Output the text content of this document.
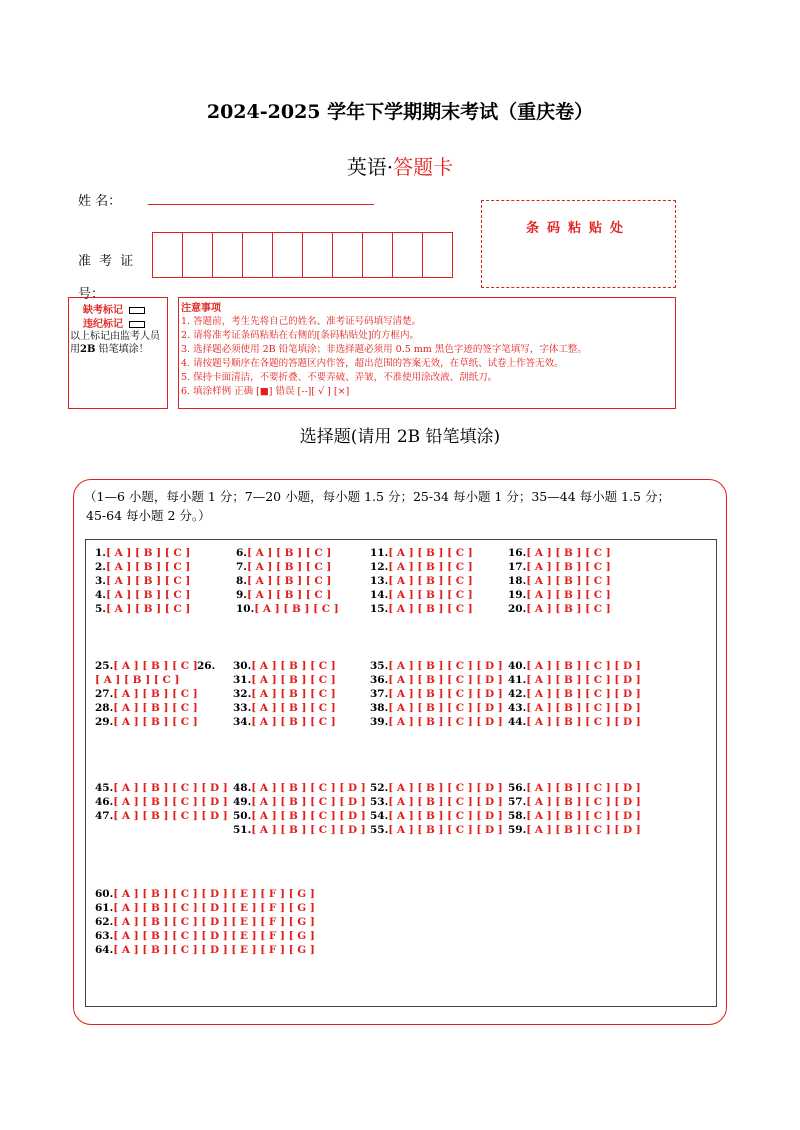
2024-2025 学年下学期期末考试（重庆卷）
英语·答题卡
姓 名：
准 考 证
号：
条码粘贴处
缺考标记
违纪标记
以上标记由监考人员
用2B 铅笔填涂！
注意事项
1. 答题前，考生先将自己的姓名、准考证号码填写清楚。
2. 请将准考证条码粘贴在右侧的[条码粘贴处]的方框内。
3. 选择题必须使用 2B 铅笔填涂；非选择题必须用 0.5 mm 黑色字迹的签字笔填写，字体工整。
4. 请按题号顺序在各题的答题区内作答，超出范围的答案无效，在草纸、试卷上作答无效。
5. 保持卡面清洁，不要折叠、不要弄破、弄皱，不准使用涂改液、刮纸刀。
6. 填涂样例 正确 [■] 错误 [--][ √ ] [×]
选择题(请用 2B 铅笔填涂)
（1—6 小题，每小题 1 分；7—20 小题，每小题 1.5 分；25-34 每小题 1 分；35—44 每小题 1.5 分；
45-64 每小题 2 分。）
1.[ A ] [ B ] [ C ]
2.[ A ] [ B ] [ C ]
3.[ A ] [ B ] [ C ]
4.[ A ] [ B ] [ C ]
5.[ A ] [ B ] [ C ]
6.[ A ] [ B ] [ C ]
7.[ A ] [ B ] [ C ]
8.[ A ] [ B ] [ C ]
9.[ A ] [ B ] [ C ]
10.[ A ] [ B ] [ C ]
11.[ A ] [ B ] [ C ]
12.[ A ] [ B ] [ C ]
13.[ A ] [ B ] [ C ]
14.[ A ] [ B ] [ C ]
15.[ A ] [ B ] [ C ]
16.[ A ] [ B ] [ C ]
17.[ A ] [ B ] [ C ]
18.[ A ] [ B ] [ C ]
19.[ A ] [ B ] [ C ]
20.[ A ] [ B ] [ C ]
25.[ A ] [ B ] [ C ] 26.
[ A ] [ B ] [ C ]
27.[ A ] [ B ] [ C ]
28.[ A ] [ B ] [ C ]
29.[ A ] [ B ] [ C ]
30.[ A ] [ B ] [ C ]
31.[ A ] [ B ] [ C ]
32.[ A ] [ B ] [ C ]
33.[ A ] [ B ] [ C ]
34.[ A ] [ B ] [ C ]
35.[ A ] [ B ] [ C ] [ D ]
36.[ A ] [ B ] [ C ] [ D ]
37.[ A ] [ B ] [ C ] [ D ]
38.[ A ] [ B ] [ C ] [ D ]
39.[ A ] [ B ] [ C ] [ D ]
40.[ A ] [ B ] [ C ] [ D ]
41.[ A ] [ B ] [ C ] [ D ]
42.[ A ] [ B ] [ C ] [ D ]
43.[ A ] [ B ] [ C ] [ D ]
44.[ A ] [ B ] [ C ] [ D ]
45.[ A ] [ B ] [ C ] [ D ]
46.[ A ] [ B ] [ C ] [ D ]
47.[ A ] [ B ] [ C ] [ D ]
48.[ A ] [ B ] [ C ] [ D ]
49.[ A ] [ B ] [ C ] [ D ]
50.[ A ] [ B ] [ C ] [ D ]
51.[ A ] [ B ] [ C ] [ D ]
52.[ A ] [ B ] [ C ] [ D ]
53.[ A ] [ B ] [ C ] [ D ]
54.[ A ] [ B ] [ C ] [ D ]
55.[ A ] [ B ] [ C ] [ D ]
56.[ A ] [ B ] [ C ] [ D ]
57.[ A ] [ B ] [ C ] [ D ]
58.[ A ] [ B ] [ C ] [ D ]
59.[ A ] [ B ] [ C ] [ D ]
60.[ A ] [ B ] [ C ] [ D ] [ E ] [ F ] [ G ]
61.[ A ] [ B ] [ C ] [ D ] [ E ] [ F ] [ G ]
62.[ A ] [ B ] [ C ] [ D ] [ E ] [ F ] [ G ]
63.[ A ] [ B ] [ C ] [ D ] [ E ] [ F ] [ G ]
64.[ A ] [ B ] [ C ] [ D ] [ E ] [ F ] [ G ]
